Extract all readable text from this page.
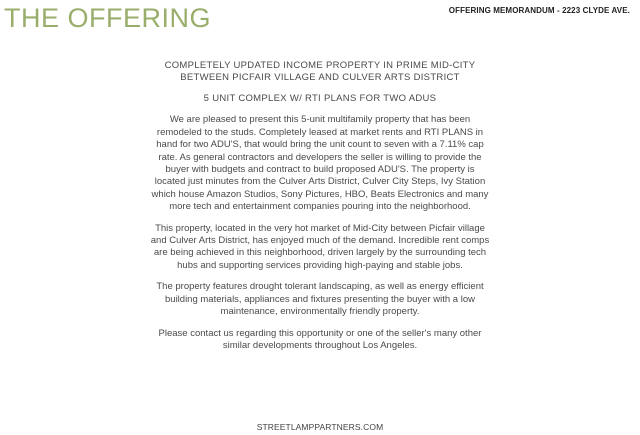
THE OFFERING	OFFERING MEMORANDUM - 2223 CLYDE AVE.
COMPLETELY UPDATED INCOME PROPERTY IN PRIME MID-CITY
BETWEEN PICFAIR VILLAGE AND CULVER ARTS DISTRICT
5 UNIT COMPLEX W/ RTI PLANS FOR TWO ADUS

We are pleased to present this 5-unit multifamily property that has been remodeled to the studs. Completely leased at market rents and RTI PLANS in hand for two ADU'S, that would bring the unit count to seven with a 7.11% cap rate. As general contractors and developers the seller is willing to provide the buyer with budgets and contract to build proposed ADU'S. The property is located just minutes from the Culver Arts District, Culver City Steps, Ivy Station which house Amazon Studios, Sony Pictures, HBO, Beats Electronics and many more tech and entertainment companies pouring into the neighborhood.

This property, located in the very hot market of Mid-City between Picfair village and Culver Arts District, has enjoyed much of the demand. Incredible rent comps are being achieved in this neighborhood, driven largely by the surrounding tech hubs and supporting services providing high-paying and stable jobs.

The property features drought tolerant landscaping, as well as energy efficient building materials, appliances and fixtures presenting the buyer with a low maintenance, environmentally friendly property.

Please contact us regarding this opportunity or one of the seller's many other similar developments throughout Los Angeles.

STREETLAMPPARTNERS.COM
